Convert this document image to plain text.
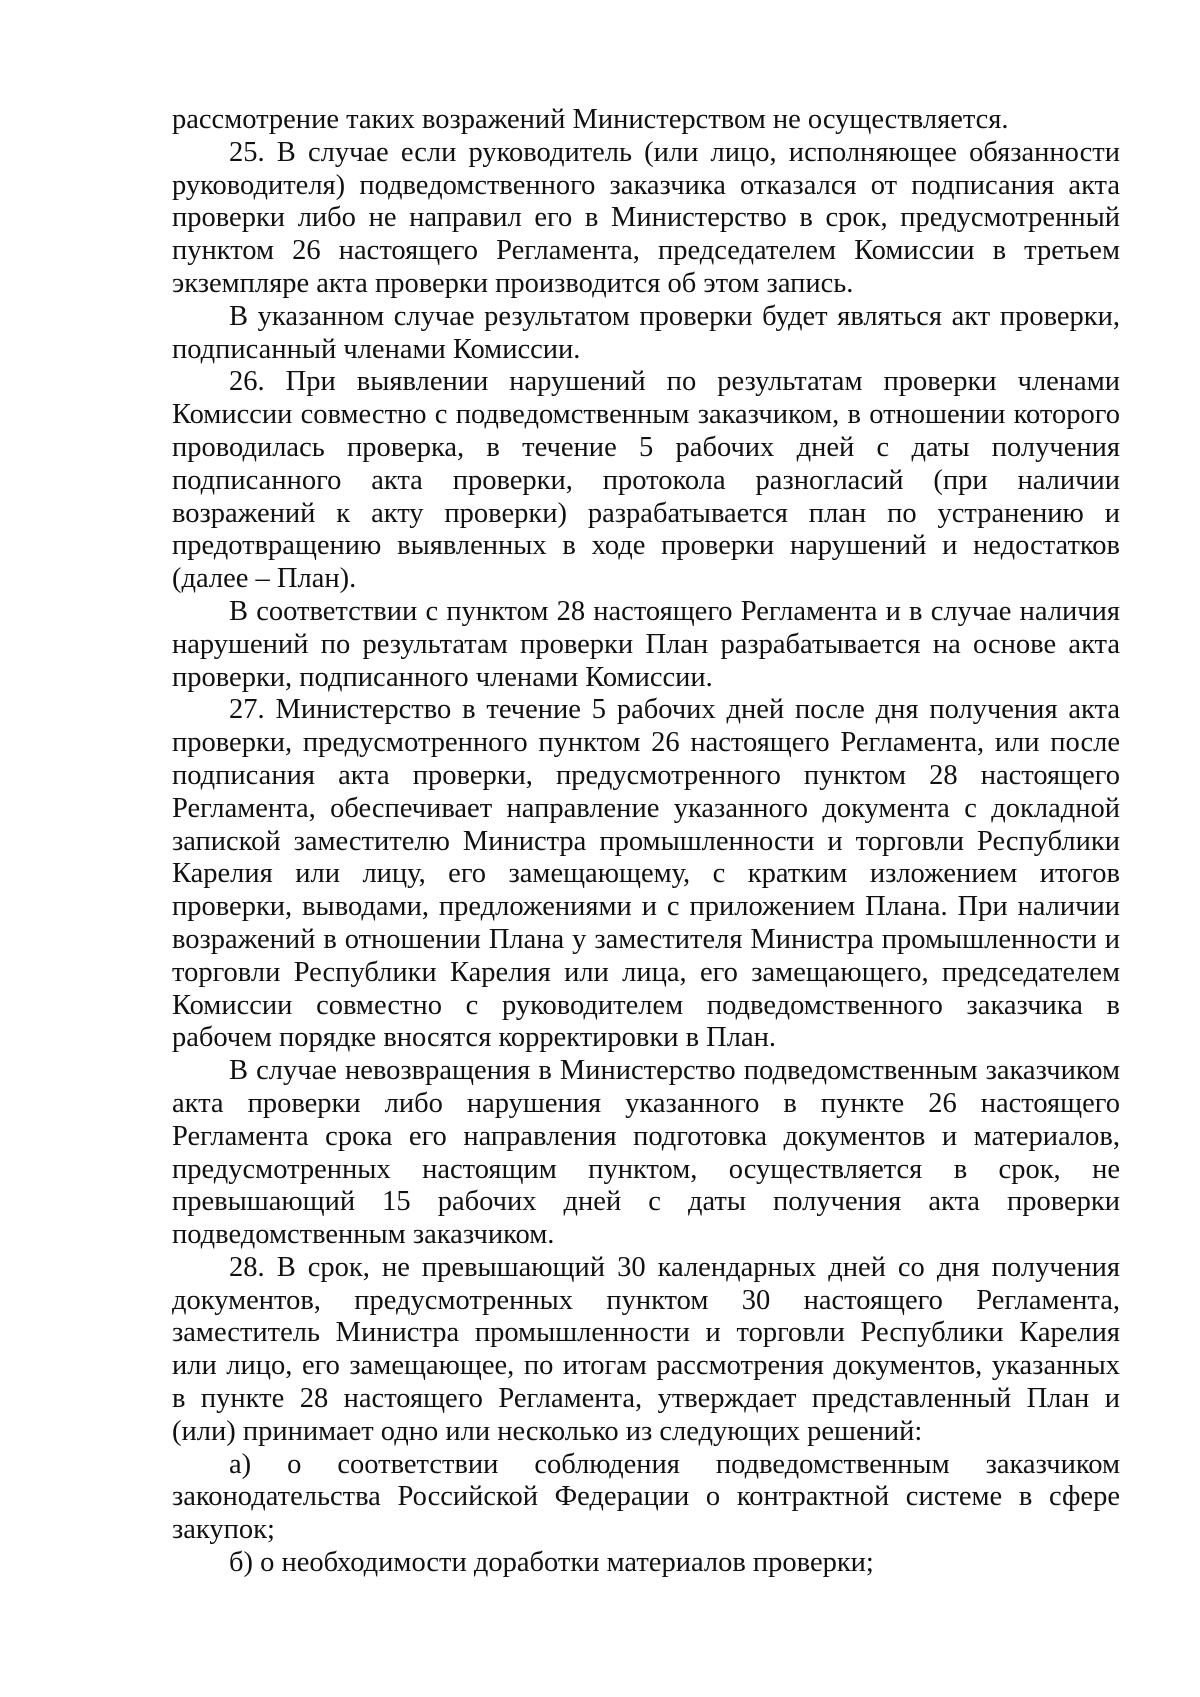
рассмотрение таких возражений Министерством не осуществляется.

25. В случае если руководитель (или лицо, исполняющее обязанности руководителя) подведомственного заказчика отказался от подписания акта проверки либо не направил его в Министерство в срок, предусмотренный пунктом 26 настоящего Регламента, председателем Комиссии в третьем экземпляре акта проверки производится об этом запись.

В указанном случае результатом проверки будет являться акт проверки, подписанный членами Комиссии.

26. При выявлении нарушений по результатам проверки членами Комиссии совместно с подведомственным заказчиком, в отношении которого проводилась проверка, в течение 5 рабочих дней с даты получения подписанного акта проверки, протокола разногласий (при наличии возражений к акту проверки) разрабатывается план по устранению и предотвращению выявленных в ходе проверки нарушений и недостатков (далее – План).

В соответствии с пунктом 28 настоящего Регламента и в случае наличия нарушений по результатам проверки План разрабатывается на основе акта проверки, подписанного членами Комиссии.

27. Министерство в течение 5 рабочих дней после дня получения акта проверки, предусмотренного пунктом 26 настоящего Регламента, или после подписания акта проверки, предусмотренного пунктом 28 настоящего Регламента, обеспечивает направление указанного документа с докладной запиской заместителю Министра промышленности и торговли Республики Карелия или лицу, его замещающему, с кратким изложением итогов проверки, выводами, предложениями и с приложением Плана. При наличии возражений в отношении Плана у заместителя Министра промышленности и торговли Республики Карелия или лица, его замещающего, председателем Комиссии совместно с руководителем подведомственного заказчика в рабочем порядке вносятся корректировки в План.

В случае невозвращения в Министерство подведомственным заказчиком акта проверки либо нарушения указанного в пункте 26 настоящего Регламента срока его направления подготовка документов и материалов, предусмотренных настоящим пунктом, осуществляется в срок, не превышающий 15 рабочих дней с даты получения акта проверки подведомственным заказчиком.

28. В срок, не превышающий 30 календарных дней со дня получения документов, предусмотренных пунктом 30 настоящего Регламента, заместитель Министра промышленности и торговли Республики Карелия или лицо, его замещающее, по итогам рассмотрения документов, указанных в пункте 28 настоящего Регламента, утверждает представленный План и (или) принимает одно или несколько из следующих решений:

а) о соответствии соблюдения подведомственным заказчиком законодательства Российской Федерации о контрактной системе в сфере закупок;

б) о необходимости доработки материалов проверки;
